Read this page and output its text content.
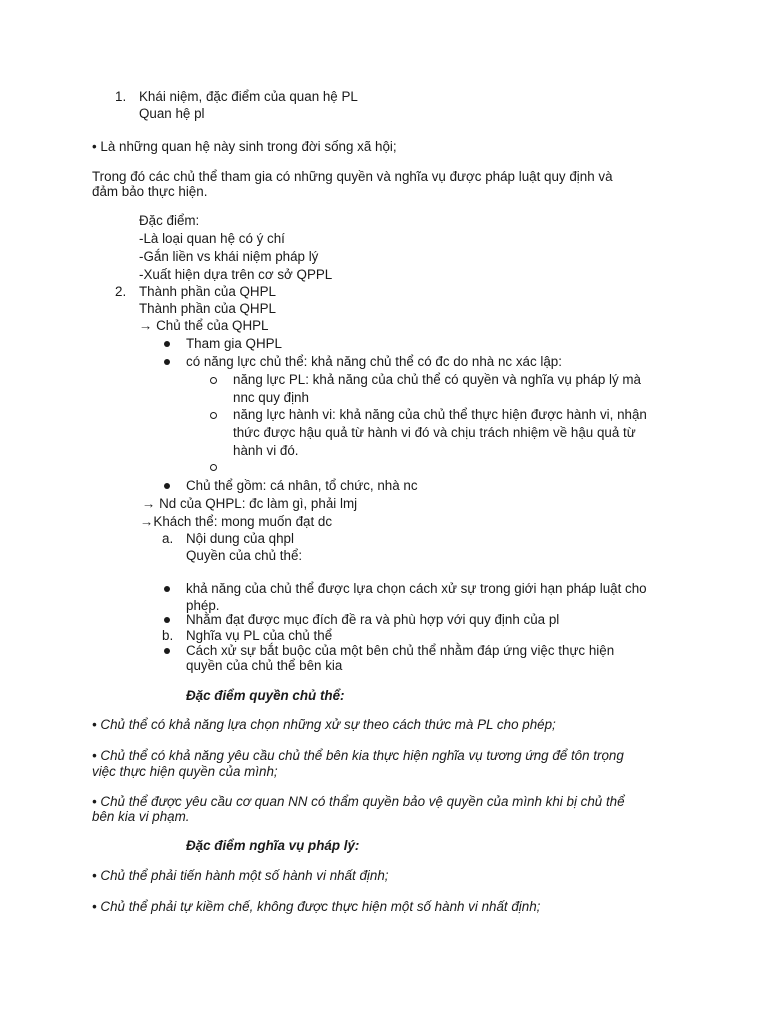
1. Khái niệm, đặc điểm của quan hệ PL
Quan hệ pl
• Là những quan hệ này sinh trong đời sống xã hội;
Trong đó các chủ thể tham gia có những quyền và nghĩa vụ được pháp luật quy định và
đảm bảo thực hiện.
Đặc điểm:
-Là loại quan hệ có ý chí
-Gắn liền vs khái niệm pháp lý
-Xuất hiện dựa trên cơ sở QPPL
2. Thành phần của QHPL
Thành phần của QHPL
→ Chủ thể của QHPL
Tham gia QHPL
có năng lực chủ thể: khả năng chủ thể có đc do nhà nc xác lập:
năng lực PL: khả năng của chủ thể có quyền và nghĩa vụ pháp lý mà
nnc quy định
năng lực hành vi: khả năng của chủ thể thực hiện được hành vi, nhận
thức được hậu quả từ hành vi đó và chịu trách nhiệm về hậu quả từ
hành vi đó.
Chủ thể gồm: cá nhân, tổ chức, nhà nc
→ Nd của QHPL: đc làm gì, phải lmj
→Khách thể: mong muốn đạt dc
a. Nội dung của qhpl
Quyền của chủ thể:
khả năng của chủ thể được lựa chọn cách xử sự trong giới hạn pháp luật cho
phép.
Nhằm đạt được mục đích đề ra và phù hợp với quy định của pl
b. Nghĩa vụ PL của chủ thể
Cách xử sự bắt buộc của một bên chủ thể nhằm đáp ứng việc thực hiện
quyền của chủ thể bên kia
Đặc điểm quyền chủ thể:
• Chủ thể có khả năng lựa chọn những xử sự theo cách thức mà PL cho phép;
• Chủ thể có khả năng yêu cầu chủ thể bên kia thực hiện nghĩa vụ tương ứng để tôn trọng
việc thực hiện quyền của mình;
• Chủ thể được yêu cầu cơ quan NN có thẩm quyền bảo vệ quyền của mình khi bị chủ thể
bên kia vi phạm.
Đặc điểm nghĩa vụ pháp lý:
• Chủ thể phải tiến hành một số hành vi nhất định;
• Chủ thể phải tự kiềm chế, không được thực hiện một số hành vi nhất định;
